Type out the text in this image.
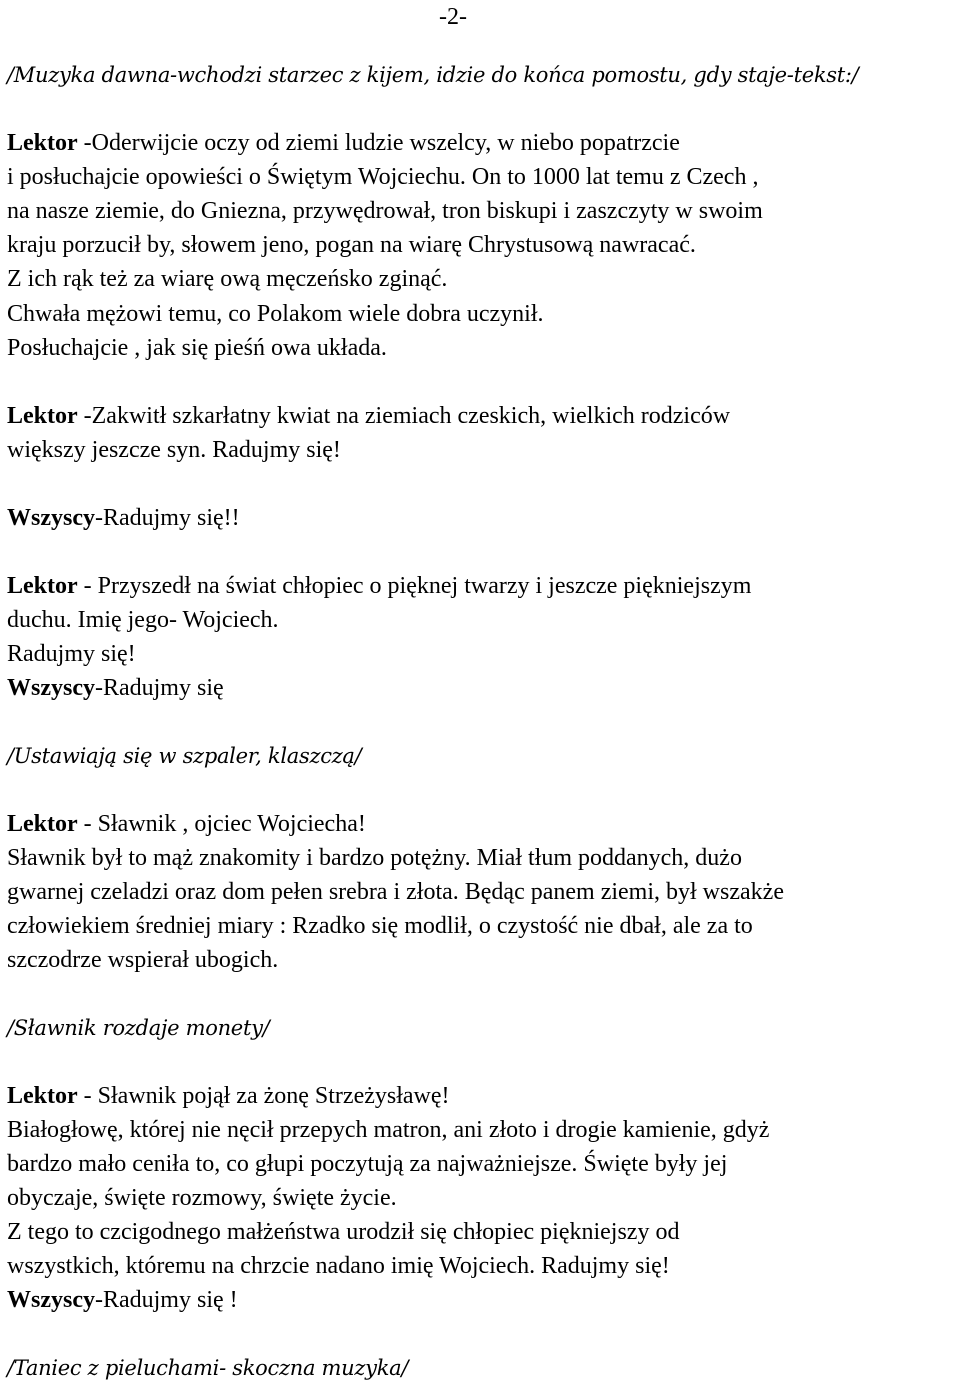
-2-
/Muzyka dawna-wchodzi starzec z kijem, idzie do końca pomostu, gdy staje-tekst:/
Lektor -Oderwijcie oczy od ziemi ludzie wszelcy, w niebo popatrzcie
i posłuchajcie opowieści o Świętym Wojciechu. On to 1000 lat temu z Czech ,
na nasze ziemie, do Gniezna, przywędrował, tron biskupi i zaszczyty w swoim
kraju porzucił by, słowem jeno, pogan na wiarę Chrystusową nawracać.
Z ich rąk też za wiarę ową męczeńsko zginąć.
Chwała mężowi temu, co Polakom wiele dobra uczynił.
Posłuchajcie , jak się pieśń owa układa.
Lektor -Zakwitł szkarłatny kwiat na ziemiach czeskich, wielkich rodziców
większy jeszcze syn. Radujmy się!
Wszyscy-Radujmy się!!
Lektor - Przyszedł na świat chłopiec o pięknej twarzy i jeszcze piękniejszym
duchu. Imię jego- Wojciech.
Radujmy się!
Wszyscy-Radujmy się
/Ustawiają się w szpaler, klaszczą/
Lektor - Sławnik , ojciec Wojciecha!
Sławnik był to mąż znakomity i bardzo potężny. Miał tłum poddanych, dużo
gwarnej czeladzi oraz dom pełen srebra i złota. Będąc panem ziemi, był wszakże
człowiekiem średniej miary : Rzadko się modlił, o czystość nie dbał, ale za to
szczodrze wspierał ubogich.
/Sławnik rozdaje monety/
Lektor - Sławnik pojął za żonę Strzeżysławę!
Białogłowę, której nie nęcił przepych matron, ani złoto i drogie kamienie, gdyż
bardzo mało ceniła to, co głupi poczytują za najważniejsze. Święte były jej
obyczaje, święte rozmowy, święte życie.
Z tego to czcigodnego małżeństwa urodził się chłopiec piękniejszy od
wszystkich, któremu na chrzcie nadano imię Wojciech. Radujmy się!
Wszyscy-Radujmy się !
/Taniec z pieluchami- skoczna muzyka/
